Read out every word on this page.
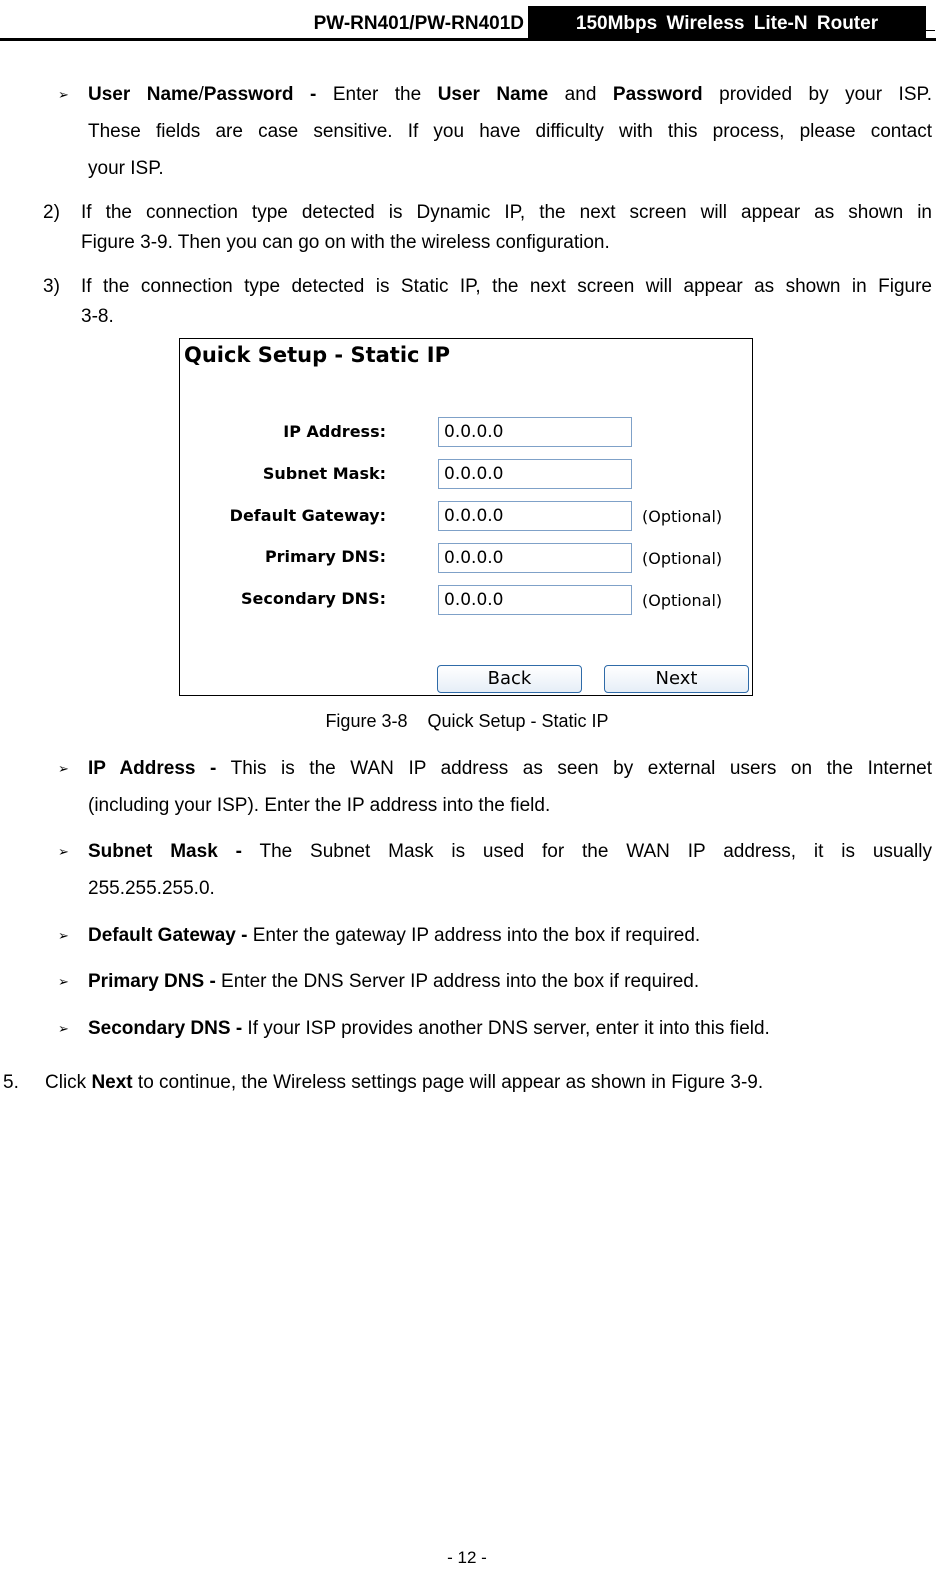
PW-RN401/PW-RN401D	150Mbps Wireless Lite-N Router
➢ User Name/Password - Enter the User Name and Password provided by your ISP.
These fields are case sensitive. If you have difficulty with this process, please contact
your ISP.
2) If the connection type detected is Dynamic IP, the next screen will appear as shown in
Figure 3-9. Then you can go on with the wireless configuration.
3) If the connection type detected is Static IP, the next screen will appear as shown in Figure
3-8.
Quick Setup - Static IP
IP Address:	0.0.0.0
Subnet Mask:	0.0.0.0
Default Gateway:	0.0.0.0	(Optional)
Primary DNS:	0.0.0.0	(Optional)
Secondary DNS:	0.0.0.0	(Optional)
Back	Next
Figure 3-8    Quick Setup - Static IP
➢ IP Address - This is the WAN IP address as seen by external users on the Internet
(including your ISP). Enter the IP address into the field.
➢ Subnet Mask - The Subnet Mask is used for the WAN IP address, it is usually
255.255.255.0.
➢ Default Gateway - Enter the gateway IP address into the box if required.
➢ Primary DNS - Enter the DNS Server IP address into the box if required.
➢ Secondary DNS - If your ISP provides another DNS server, enter it into this field.
5. Click Next to continue, the Wireless settings page will appear as shown in Figure 3-9.
- 12 -
